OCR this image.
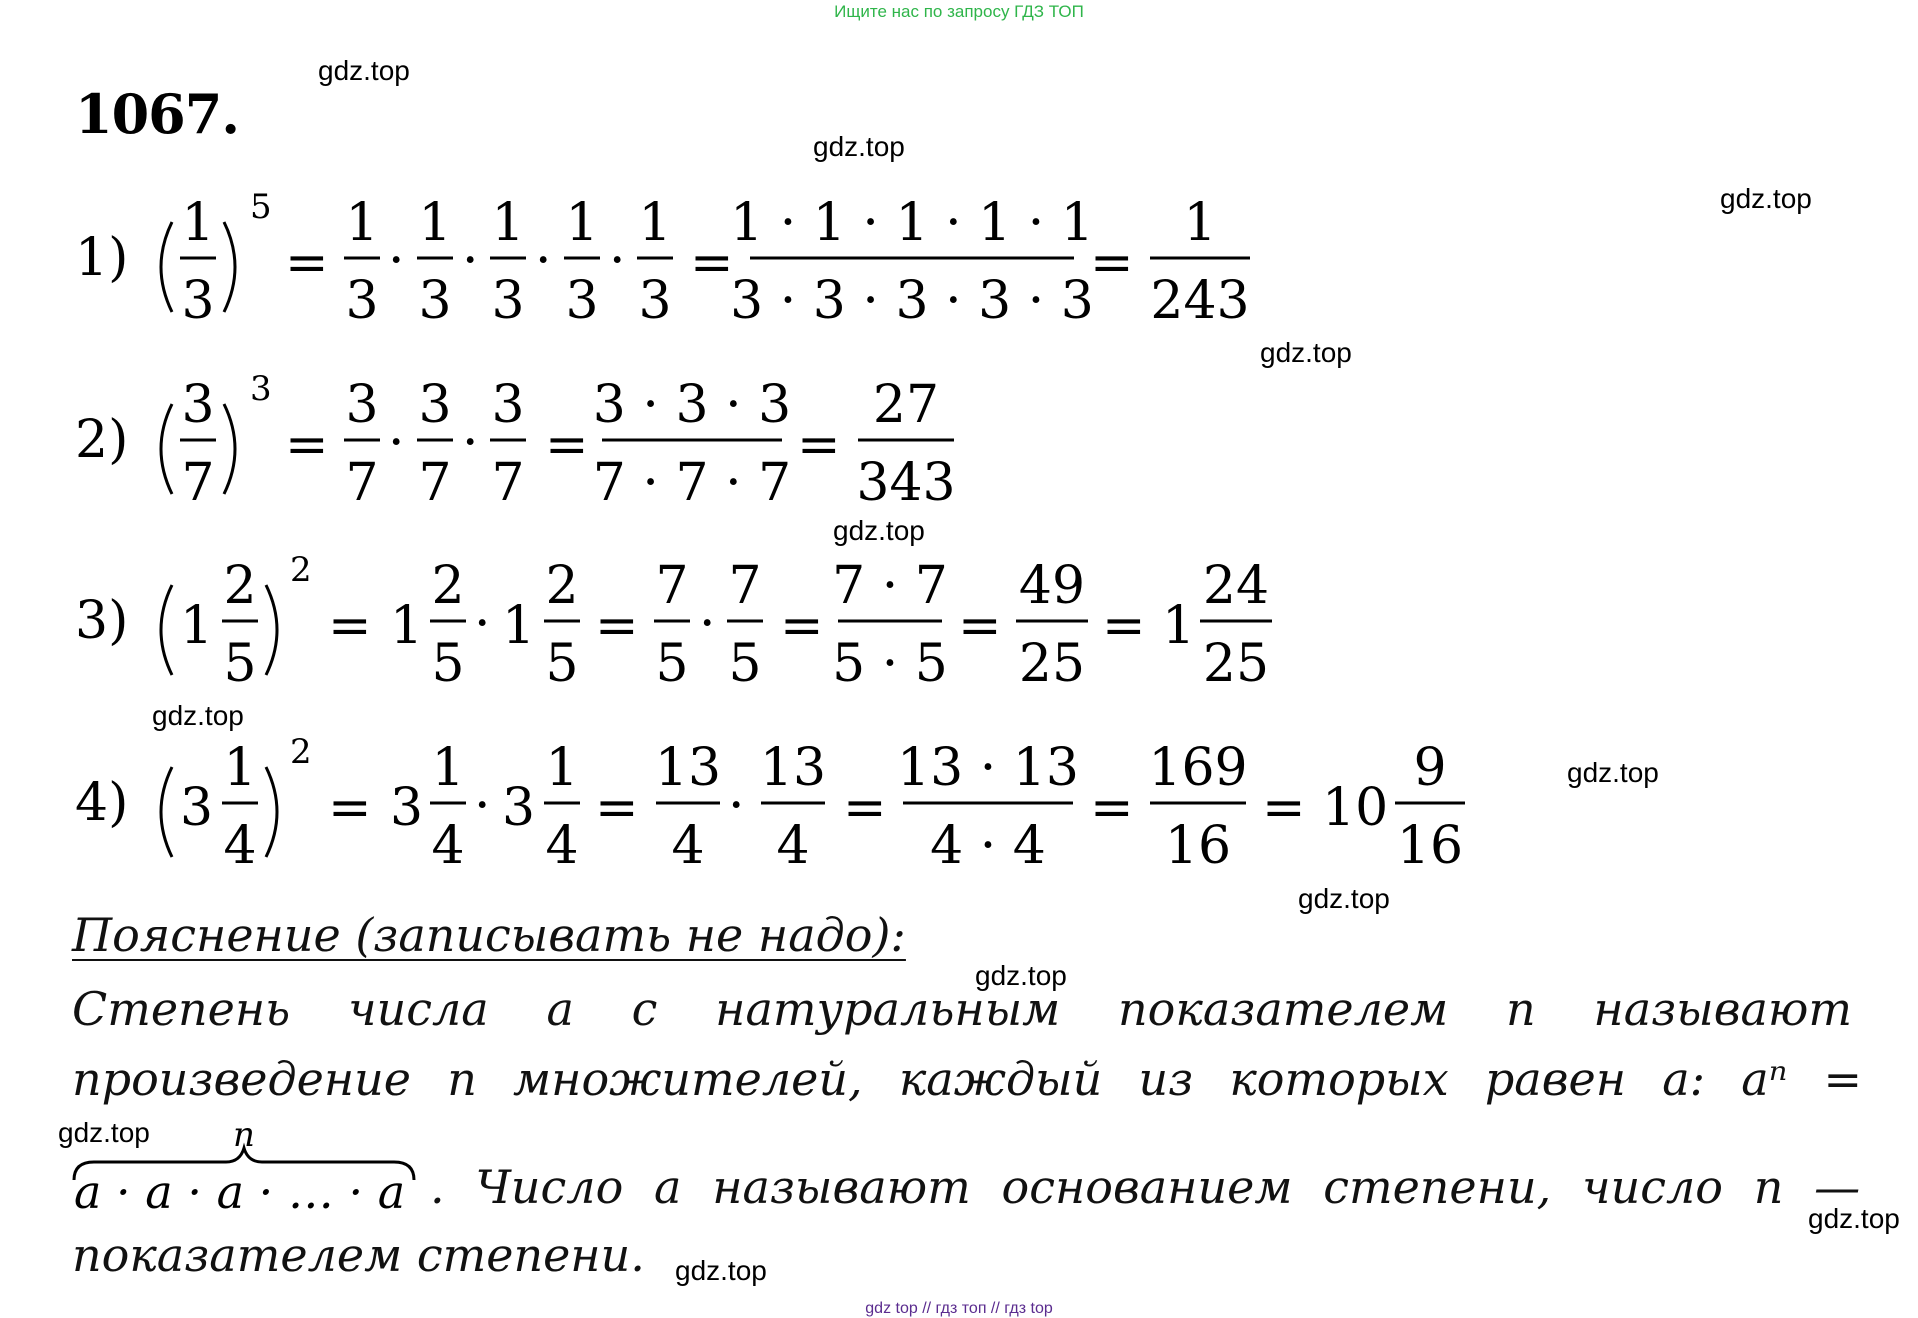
Ищите нас по запросу ГДЗ ТОП
gdz.top
gdz.top
gdz.top
gdz.top
gdz.top
gdz.top
gdz.top
gdz.top
gdz.top
gdz.top
gdz.top
gdz.top
1067.
1)
1
3
5
=
1
3
·
1
3
·
1
3
·
1
3
·
1
3
=
1 · 1 · 1 · 1 · 1
3 · 3 · 3 · 3 · 3
=
1
243
2)
3
7
3
=
3
7
·
3
7
·
3
7
=
3 · 3 · 3
7 · 7 · 7
=
27
343
3) 1
2
5
2
= 1
2
5
· 1
2
5
=
7
5
·
7
5
=
7 · 7
5 · 5
=
49
25
= 1
24
25
4) 3
1
4
2
= 3
1
4
· 3
1
4
=
13
4
·
13
4
=
13 · 13
4 · 4
=
169
16
= 10
9
16
Пояснение (записывать не надо):
Степень числа а с натуральным показателем n называют
произведение n множителей, каждый из которых равен а: aⁿ =
n
a · a · a · … · a . Число а называют основанием степени, число n —
показателем степени.
gdz top // гдз топ // гдз top
